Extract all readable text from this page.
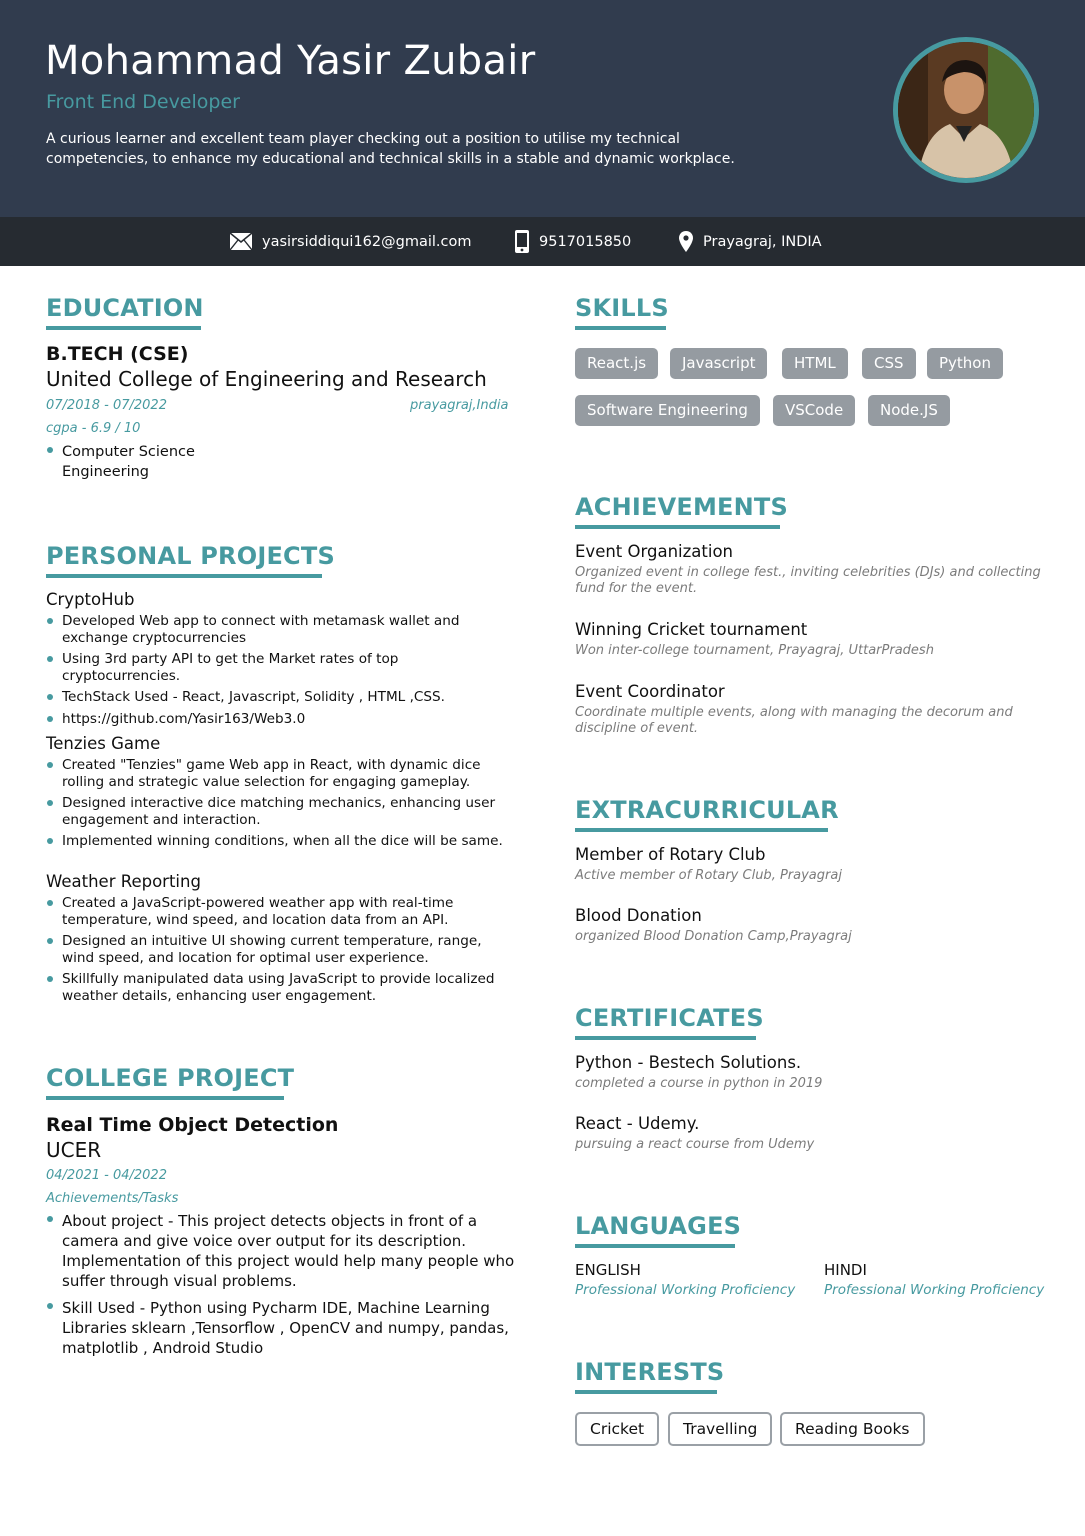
Mohammad Yasir Zubair
Front End Developer
A curious learner and excellent team player checking out a position to utilise my technical competencies, to enhance my educational and technical skills in a stable and dynamic workplace.
yasirsiddiqui162@gmail.com	9517015850	Prayagraj, INDIA
EDUCATION
B.TECH (CSE)
United College of Engineering and Research
07/2018 - 07/2022	prayagraj,India
cgpa - 6.9 / 10
Computer Science Engineering
PERSONAL PROJECTS
CryptoHub
Developed Web app to connect with metamask wallet and exchange cryptocurrencies
Using 3rd party API to get the Market rates of top cryptocurrencies.
TechStack Used - React, Javascript, Solidity , HTML ,CSS.
https://github.com/Yasir163/Web3.0
Tenzies Game
Created "Tenzies" game Web app in React, with dynamic dice rolling and strategic value selection for engaging gameplay.
Designed interactive dice matching mechanics, enhancing user engagement and interaction.
Implemented winning conditions, when all the dice will be same.
Weather Reporting
Created a JavaScript-powered weather app with real-time temperature, wind speed, and location data from an API.
Designed an intuitive UI showing current temperature, range, wind speed, and location for optimal user experience.
Skillfully manipulated data using JavaScript to provide localized weather details, enhancing user engagement.
COLLEGE PROJECT
Real Time Object Detection
UCER
04/2021 - 04/2022
Achievements/Tasks
About project - This project detects objects in front of a camera and give voice over output for its description. Implementation of this project would help many people who suffer through visual problems.
Skill Used - Python using Pycharm IDE, Machine Learning Libraries sklearn ,Tensorflow , OpenCV and numpy, pandas, matplotlib , Android Studio
SKILLS
React.js	Javascript	HTML	CSS	Python
Software Engineering	VSCode	Node.JS
ACHIEVEMENTS
Event Organization
Organized event in college fest., inviting celebrities (DJs) and collecting fund for the event.
Winning Cricket tournament
Won inter-college tournament, Prayagraj, UttarPradesh
Event Coordinator
Coordinate multiple events, along with managing the decorum and discipline of event.
EXTRACURRICULAR
Member of Rotary Club
Active member of Rotary Club, Prayagraj
Blood Donation
organized Blood Donation Camp,Prayagraj
CERTIFICATES
Python - Bestech Solutions.
completed a course in python in 2019
React - Udemy.
pursuing a react course from Udemy
LANGUAGES
ENGLISH
Professional Working Proficiency
HINDI
Professional Working Proficiency
INTERESTS
Cricket	Travelling	Reading Books
